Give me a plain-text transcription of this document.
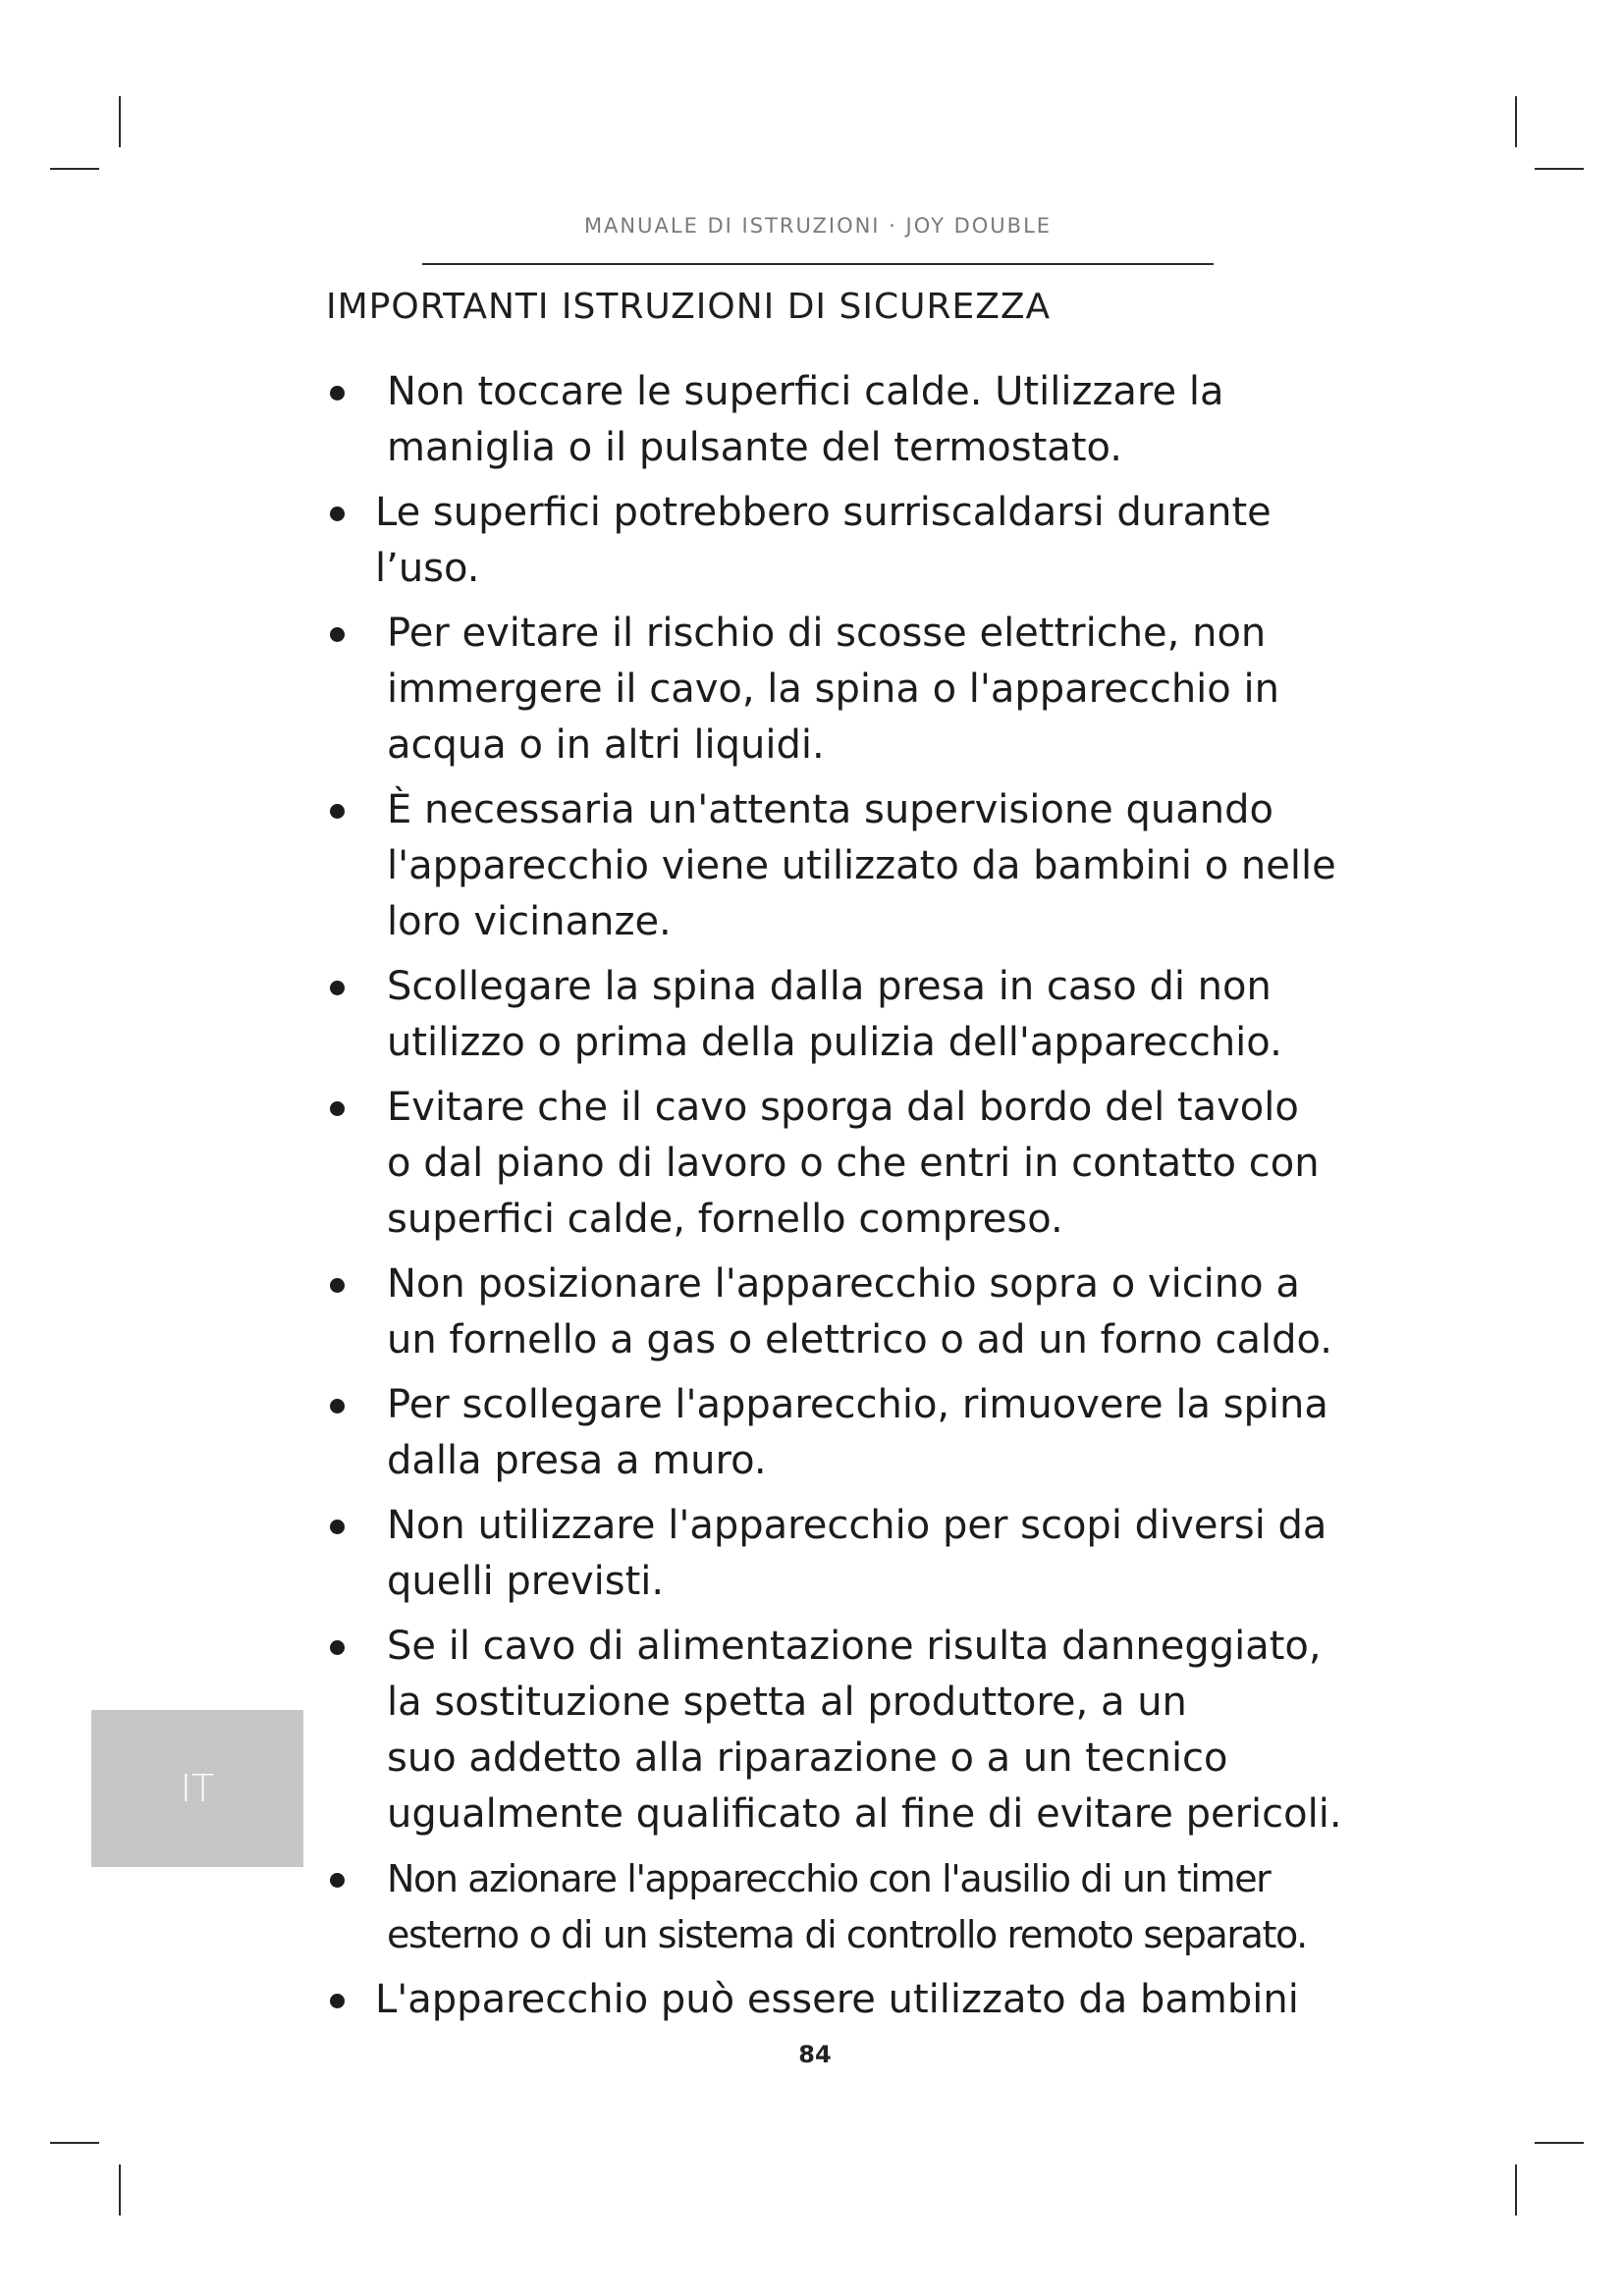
MANUALE DI ISTRUZIONI · JOY DOUBLE
IMPORTANTI ISTRUZIONI DI SICUREZZA
Non toccare le superfici calde. Utilizzare la
maniglia o il pulsante del termostato.
Le superfici potrebbero surriscaldarsi durante
l’uso.
Per evitare il rischio di scosse elettriche, non
immergere il cavo, la spina o l'apparecchio in
acqua o in altri liquidi.
È necessaria un'attenta supervisione quando
l'apparecchio viene utilizzato da bambini o nelle
loro vicinanze.
Scollegare la spina dalla presa in caso di non
utilizzo o prima della pulizia dell'apparecchio.
Evitare che il cavo sporga dal bordo del tavolo
o dal piano di lavoro o che entri in contatto con
superfici calde, fornello compreso.
Non posizionare l'apparecchio sopra o vicino a
un fornello a gas o elettrico o ad un forno caldo.
Per scollegare l'apparecchio, rimuovere la spina
dalla presa a muro.
Non utilizzare l'apparecchio per scopi diversi da
quelli previsti.
Se il cavo di alimentazione risulta danneggiato,
la sostituzione spetta al produttore, a un
suo addetto alla riparazione o a un tecnico
ugualmente qualificato al fine di evitare pericoli.
Non azionare l'apparecchio con l'ausilio di un timer
esterno o di un sistema di controllo remoto separato.
L'apparecchio può essere utilizzato da bambini
IT
84
